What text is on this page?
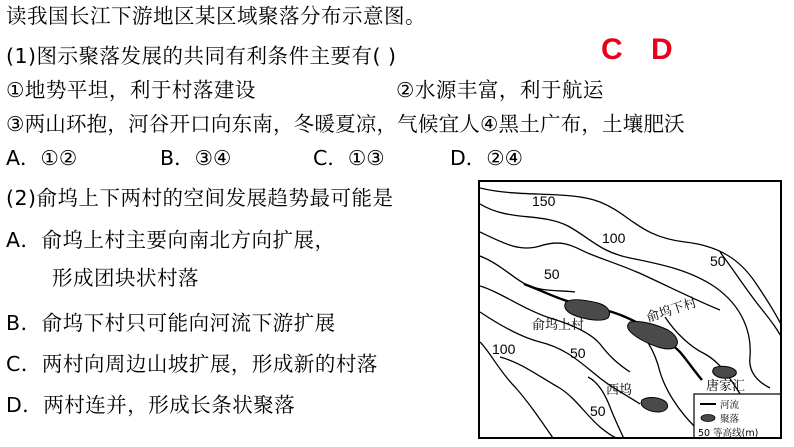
读我国长江下游地区某区域聚落分布示意图。
(1)图示聚落发展的共同有利条件主要有( )	C D
①地势平坦，利于村落建设	②水源丰富，利于航运
③两山环抱，河谷开口向东南，冬暖夏凉，气候宜人④黑土广布，土壤肥沃
A．①②	B．③④	C．①③	D．②④
(2)俞坞上下两村的空间发展趋势最可能是
A．俞坞上村主要向南北方向扩展，
形成团块状村落
B．俞坞下村只可能向河流下游扩展
C．两村向周边山坡扩展，形成新的村落
D．两村连并，形成长条状聚落
150
100
50
50
100	50
50
俞坞上村	俞坞下村
唐家汇
西坞
河流
聚落
50 等高线(m)
